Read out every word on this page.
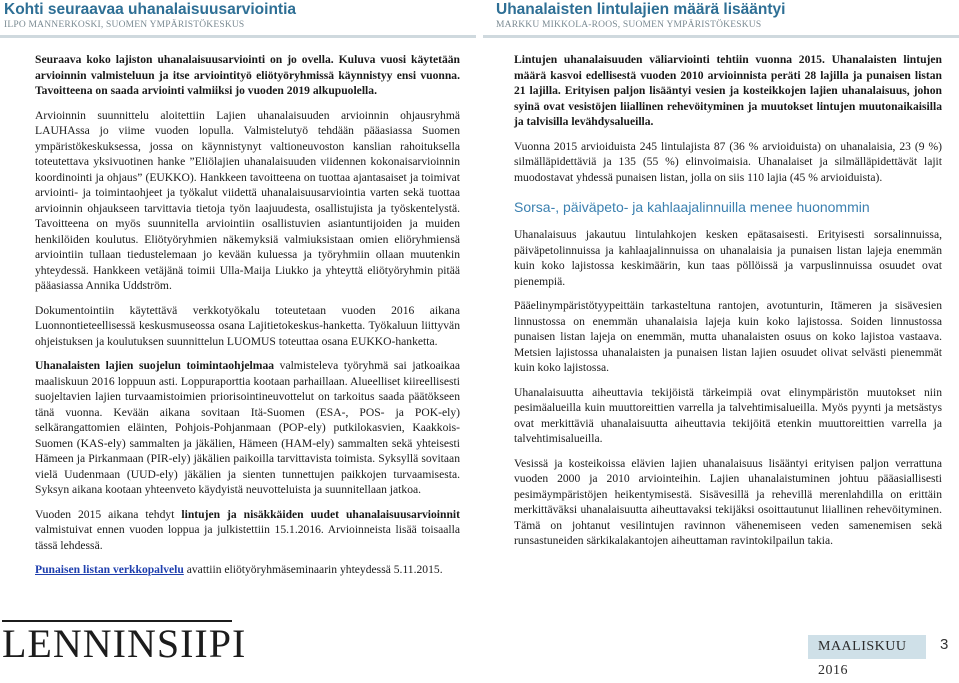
Kohti seuraavaa uhanalaisuusarviointia
ILPO MANNERKOSKI, SUOMEN YMPÄRISTÖKESKUS
Uhanalaisten lintulajien määrä lisääntyi
MARKKU MIKKOLA-ROOS, SUOMEN YMPÄRISTÖKESKUS

Seuraava koko lajiston uhanalaisuusarviointi on jo ovella. Kuluva vuosi käytetään arvioinnin valmisteluun ja itse arviointityö eliötyöryhmissä käynnistyy ensi vuonna. Tavoitteena on saada arviointi valmiiksi jo vuoden 2019 alkupuolella.

Arvioinnin suunnittelu aloitettiin Lajien uhanalaisuuden arvioinnin ohjausryhmä LAUHAssa jo viime vuoden lopulla. Valmistelutyö tehdään pääasiassa Suomen ympäristökeskuksessa, jossa on käynnistynyt valtioneuvoston kanslian rahoituksella toteutettava yksivuotinen hanke ”Eliölajien uhanalaisuuden viidennen kokonaisarvioinnin koordinointi ja ohjaus” (EUKKO). Hankkeen tavoitteena on tuottaa ajantasaiset ja toimivat arviointi- ja toimintaohjeet ja työkalut viidettä uhanalaisuusarviointia varten sekä tuottaa arvioinnin ohjaukseen tarvittavia tietoja työn laajuudesta, osallistujista ja työskentelystä. Tavoitteena on myös suunnitella arviointiin osallistuvien asiantuntijoiden ja muiden henkilöiden koulutus. Eliötyöryhmien näkemyksiä valmiuksistaan omien eliöryhmiensä arviointiin tullaan tiedustelemaan jo kevään kuluessa ja työryhmiin ollaan muutenkin yhteydessä. Hankkeen vetäjänä toimii Ulla-Maija Liukko ja yhteyttä eliötyöryhmin pitää pääasiassa Annika Uddström.

Dokumentointiin käytettävä verkkotyökalu toteutetaan vuoden 2016 aikana Luonnontieteellisessä keskusmuseossa osana Lajitietokeskus-hanketta. Työkaluun liittyvän ohjeistuksen ja koulutuksen suunnittelun LUOMUS toteuttaa osana EUKKO-hanketta.

Uhanalaisten lajien suojelun toimintaohjelmaa valmisteleva työryhmä sai jatkoaikaa maaliskuun 2016 loppuun asti. Loppuraporttia kootaan parhaillaan. Alueelliset kiireellisesti suojeltavien lajien turvaamistoimien priorisointineuvottelut on tarkoitus saada päätökseen tänä vuonna. Kevään aikana sovitaan Itä-Suomen (ESA-, POS- ja POK-ely) selkärangattomien eläinten, Pohjois-Pohjanmaan (POP-ely) putkilokasvien, Kaakkois-Suomen (KAS-ely) sammalten ja jäkälien, Hämeen (HAM-ely) sammalten sekä yhteisesti Hämeen ja Pirkanmaan (PIR-ely) jäkälien paikoilla tarvittavista toimista. Syksyllä sovitaan vielä Uudenmaan (UUD-ely) jäkälien ja sienten tunnettujen paikkojen turvaamisesta. Syksyn aikana kootaan yhteenveto käydyistä neuvotteluista ja suunnitellaan jatkoa.

Vuoden 2015 aikana tehdyt lintujen ja nisäkkäiden uudet uhanalaisuusarvioinnit valmistuivat ennen vuoden loppua ja julkistettiin 15.1.2016. Arvioinneista lisää toisaalla tässä lehdessä.

Punaisen listan verkkopalvelu avattiin eliötyöryhmäseminaarin yhteydessä 5.11.2015.

Lintujen uhanalaisuuden väliarviointi tehtiin vuonna 2015. Uhanalaisten lintujen määrä kasvoi edellisestä vuoden 2010 arvioinnista peräti 28 lajilla ja punaisen listan 21 lajilla. Erityisen paljon lisääntyi vesien ja kosteikkojen lajien uhanalaisuus, johon syinä ovat vesistöjen liiallinen rehevöityminen ja muutokset lintujen muutonaikaisilla ja talvisilla levähdysalueilla.

Vuonna 2015 arvioiduista 245 lintulajista 87 (36 % arvioiduista) on uhanalaisia, 23 (9 %) silmälläpidettäviä ja 135 (55 %) elinvoimaisia. Uhanalaiset ja silmälläpidettävät lajit muodostavat yhdessä punaisen listan, jolla on siis 110 lajia (45 % arvioiduista).

Sorsa-, päiväpeto- ja kahlaajalinnuilla menee huonommin

Uhanalaisuus jakautuu lintulahkojen kesken epätasaisesti. Erityisesti sorsalinnuissa, päiväpetolinnuissa ja kahlaajalinnuissa on uhanalaisia ja punaisen listan lajeja enemmän kuin koko lajistossa keskimäärin, kun taas pöllöissä ja varpuslinnuissa osuudet ovat pienempiä.

Pääelinympäristötyypeittäin tarkasteltuna rantojen, avotunturin, Itämeren ja sisävesien linnustossa on enemmän uhanalaisia lajeja kuin koko lajistossa. Soiden linnustossa punaisen listan lajeja on enemmän, mutta uhanalaisten osuus on koko lajistoa vastaava. Metsien lajistossa uhanalaisten ja punaisen listan lajien osuudet olivat selvästi pienemmät kuin koko lajistossa.

Uhanalaisuutta aiheuttavia tekijöistä tärkeimpiä ovat elinympäristön muutokset niin pesimäalueilla kuin muuttoreittien varrella ja talvehtimisalueilla. Myös pyynti ja metsästys ovat merkittäviä uhanalaisuutta aiheuttavia tekijöitä etenkin muuttoreittien varrella ja talvehtimisalueilla.

Vesissä ja kosteikoissa elävien lajien uhanalaisuus lisääntyi erityisen paljon verrattuna vuoden 2000 ja 2010 arviointeihin. Lajien uhanalaistuminen johtuu pääasiallisesti pesimäympäristöjen heikentymisestä. Sisävesillä ja rehevillä merenlahdilla on erittäin merkittäväksi uhanalaisuutta aiheuttavaksi tekijäksi osoittautunut liiallinen rehevöityminen. Tämä on johtanut vesilintujen ravinnon vähenemiseen veden samenemisen sekä runsastuneiden särkikalakantojen aiheuttaman ravintokilpailun takia.

LENNINSIIPI	MAALISKUU 2016
3
